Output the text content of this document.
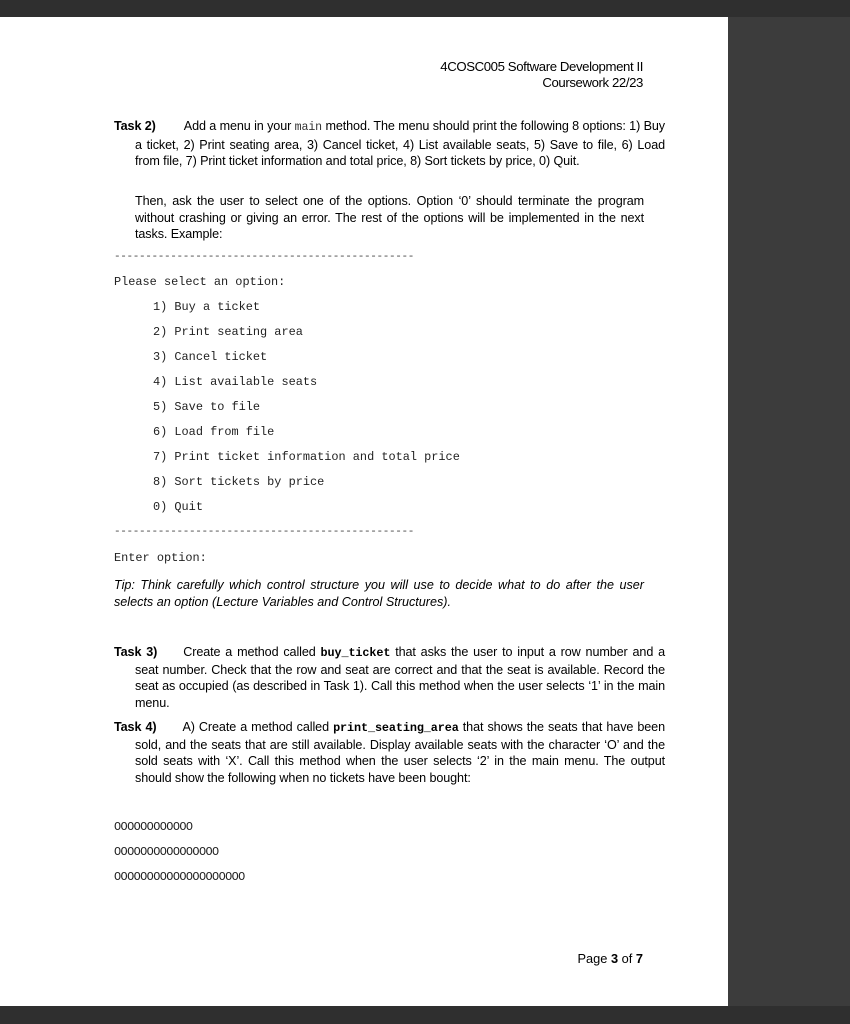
4COSC005 Software Development II
Coursework 22/23
Task 2) Add a menu in your main method. The menu should print the following 8 options: 1) Buy a ticket, 2) Print seating area, 3) Cancel ticket, 4) List available seats, 5) Save to file, 6) Load from file, 7) Print ticket information and total price, 8) Sort tickets by price, 0) Quit.
Then, ask the user to select one of the options. Option ‘0’ should terminate the program without crashing or giving an error. The rest of the options will be implemented in the next tasks. Example:
------------------------------------------------
Please select an option:
1) Buy a ticket
2) Print seating area
3) Cancel ticket
4) List available seats
5) Save to file
6) Load from file
7) Print ticket information and total price
8) Sort tickets by price
0) Quit
------------------------------------------------
Enter option:
Tip: Think carefully which control structure you will use to decide what to do after the user selects an option (Lecture Variables and Control Structures).
Task 3) Create a method called buy_ticket that asks the user to input a row number and a seat number. Check that the row and seat are correct and that the seat is available. Record the seat as occupied (as described in Task 1). Call this method when the user selects ‘1’ in the main menu.
Task 4) A) Create a method called print_seating_area that shows the seats that have been sold, and the seats that are still available. Display available seats with the character ‘O’ and the sold seats with ‘X’. Call this method when the user selects ‘2’ in the main menu. The output should show the following when no tickets have been bought:
OOOOOOOOOOOO
OOOOOOOOOOOOOOOO
OOOOOOOOOOOOOOOOOOOO
Page 3 of 7
